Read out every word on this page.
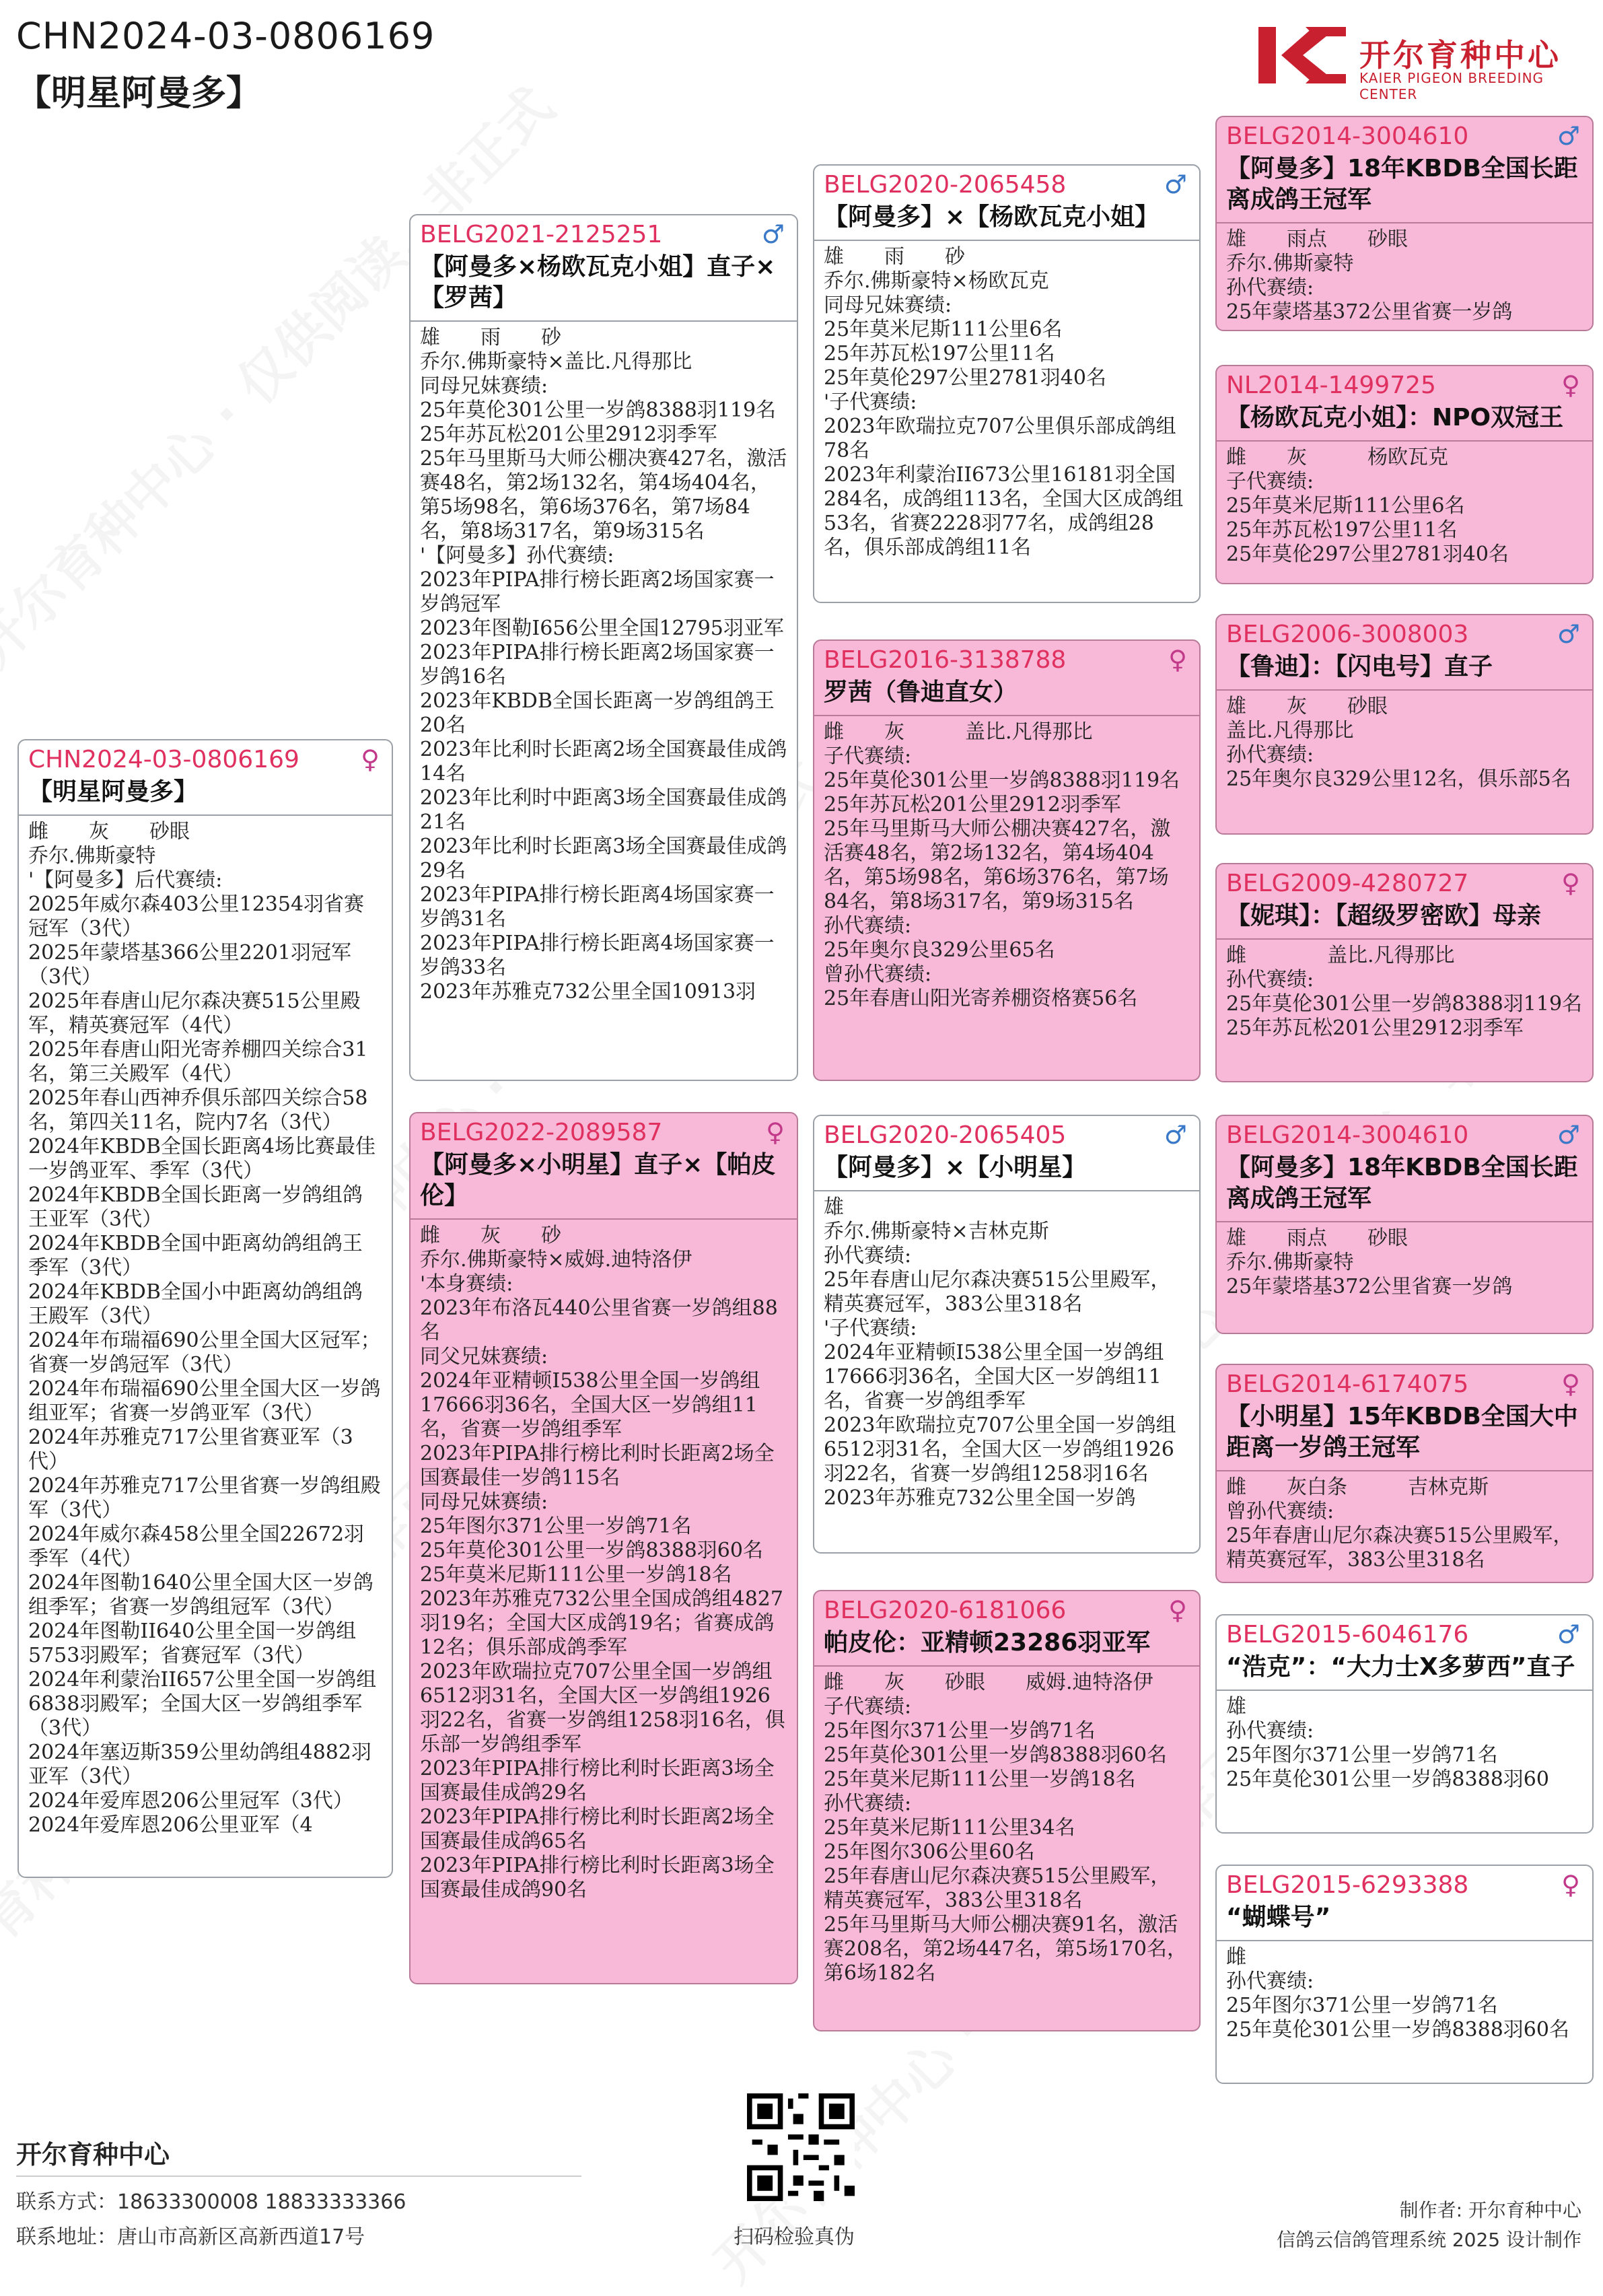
CHN2024-03-0806169
【明星阿曼多】
开尔育种中心
KAIER PIGEON BREEDING CENTER
CHN2024-03-0806169 ♀
【明星阿曼多】
雌　　灰　　砂眼
乔尔.佛斯豪特
'【阿曼多】后代赛绩:
2025年威尔森403公里12354羽省赛冠军（3代）
2025年蒙塔基366公里2201羽冠军（3代）
2025年春唐山尼尔森决赛515公里殿军，精英赛冠军（4代）
2025年春唐山阳光寄养棚四关综合31名，第三关殿军（4代）
2025年春山西神乔俱乐部四关综合58名，第四关11名，院内7名（3代）
2024年KBDB全国长距离4场比赛最佳一岁鸽亚军、季军（3代）
2024年KBDB全国长距离一岁鸽组鸽王亚军（3代）
2024年KBDB全国中距离幼鸽组鸽王季军（3代）
2024年KBDB全国小中距离幼鸽组鸽王殿军（3代）
2024年布瑞福690公里全国大区冠军；省赛一岁鸽冠军（3代）
2024年布瑞福690公里全国大区一岁鸽组亚军；省赛一岁鸽亚军（3代）
2024年苏雅克717公里省赛亚军（3代）
2024年苏雅克717公里省赛一岁鸽组殿军（3代）
2024年威尔森458公里全国22672羽季军（4代）
2024年图勒1640公里全国大区一岁鸽组季军；省赛一岁鸽组冠军（3代）
2024年图勒II640公里全国一岁鸽组5753羽殿军；省赛冠军（3代）
2024年利蒙治II657公里全国一岁鸽组6838羽殿军；全国大区一岁鸽组季军（3代）
2024年塞迈斯359公里幼鸽组4882羽亚军（3代）
2024年爱库恩206公里冠军（3代）
2024年爱库恩206公里亚军（4
BELG2021-2125251	♂
【阿曼多×杨欧瓦克小姐】直子×【罗茜】
雄　　雨　　砂
乔尔.佛斯豪特×盖比.凡得那比
同母兄妹赛绩:
25年莫伦301公里一岁鸽8388羽119名
25年苏瓦松201公里2912羽季军
25年马里斯马大师公棚决赛427名，激活赛48名，第2场132名，第4场404名，第5场98名，第6场376名，第7场84名，第8场317名，第9场315名
'【阿曼多】孙代赛绩:
2023年PIPA排行榜长距离2场国家赛一岁鸽冠军
2023年图勒I656公里全国12795羽亚军
2023年PIPA排行榜长距离2场国家赛一岁鸽16名
2023年KBDB全国长距离一岁鸽组鸽王20名
2023年比利时长距离2场全国赛最佳成鸽14名
2023年比利时中距离3场全国赛最佳成鸽21名
2023年比利时长距离3场全国赛最佳成鸽29名
2023年PIPA排行榜长距离4场国家赛一岁鸽31名
2023年PIPA排行榜长距离4场国家赛一岁鸽33名
2023年苏雅克732公里全国10913羽
BELG2022-2089587	♀
【阿曼多×小明星】直子×【帕皮伦】
雌　　灰　　砂
乔尔.佛斯豪特×威姆.迪特洛伊
'本身赛绩:
2023年布洛瓦440公里省赛一岁鸽组88名
同父兄妹赛绩:
2024年亚精顿I538公里全国一岁鸽组17666羽36名，全国大区一岁鸽组11名，省赛一岁鸽组季军
2023年PIPA排行榜比利时长距离2场全国赛最佳一岁鸽115名
同母兄妹赛绩:
25年图尔371公里一岁鸽71名
25年莫伦301公里一岁鸽8388羽60名
25年莫米尼斯111公里一岁鸽18名
2023年苏雅克732公里全国成鸽组4827羽19名；全国大区成鸽19名；省赛成鸽12名；俱乐部成鸽季军
2023年欧瑞拉克707公里全国一岁鸽组6512羽31名，全国大区一岁鸽组1926羽22名，省赛一岁鸽组1258羽16名，俱乐部一岁鸽组季军
2023年PIPA排行榜比利时长距离3场全国赛最佳成鸽29名
2023年PIPA排行榜比利时长距离2场全国赛最佳成鸽65名
2023年PIPA排行榜比利时长距离3场全国赛最佳成鸽90名
BELG2020-2065458	♂
【阿曼多】×【杨欧瓦克小姐】
雄　　雨　　砂
乔尔.佛斯豪特×杨欧瓦克
同母兄妹赛绩:
25年莫米尼斯111公里6名
25年苏瓦松197公里11名
25年莫伦297公里2781羽40名
'子代赛绩:
2023年欧瑞拉克707公里俱乐部成鸽组78名
2023年利蒙治II673公里16181羽全国284名，成鸽组113名，全国大区成鸽组53名，省赛2228羽77名，成鸽组28名，俱乐部成鸽组11名
BELG2016-3138788	♀
罗茜（鲁迪直女）
雌　　灰　　　盖比.凡得那比
子代赛绩:
25年莫伦301公里一岁鸽8388羽119名
25年苏瓦松201公里2912羽季军
25年马里斯马大师公棚决赛427名，激活赛48名，第2场132名，第4场404名，第5场98名，第6场376名，第7场84名，第8场317名，第9场315名
孙代赛绩:
25年奥尔良329公里65名
曾孙代赛绩:
25年春唐山阳光寄养棚资格赛56名
BELG2020-2065405	♂
【阿曼多】×【小明星】
雄
乔尔.佛斯豪特×吉林克斯
孙代赛绩:
25年春唐山尼尔森决赛515公里殿军，精英赛冠军，383公里318名
'子代赛绩:
2024年亚精顿I538公里全国一岁鸽组17666羽36名，全国大区一岁鸽组11名，省赛一岁鸽组季军
2023年欧瑞拉克707公里全国一岁鸽组6512羽31名，全国大区一岁鸽组1926羽22名，省赛一岁鸽组1258羽16名
2023年苏雅克732公里全国一岁鸽
BELG2020-6181066	♀
帕皮伦：亚精顿23286羽亚军
雌　　灰　　砂眼　　威姆.迪特洛伊
子代赛绩:
25年图尔371公里一岁鸽71名
25年莫伦301公里一岁鸽8388羽60名
25年莫米尼斯111公里一岁鸽18名
孙代赛绩:
25年莫米尼斯111公里34名
25年图尔306公里60名
25年春唐山尼尔森决赛515公里殿军，精英赛冠军，383公里318名
25年马里斯马大师公棚决赛91名，激活赛208名，第2场447名，第5场170名，第6场182名
BELG2014-3004610	♂
【阿曼多】18年KBDB全国长距离成鸽王冠军
雄　　雨点　　砂眼
乔尔.佛斯豪特
孙代赛绩:
25年蒙塔基372公里省赛一岁鸽
NL2014-1499725	♀
【杨欧瓦克小姐】：NPO双冠王
雌　　灰　　　杨欧瓦克
子代赛绩:
25年莫米尼斯111公里6名
25年苏瓦松197公里11名
25年莫伦297公里2781羽40名
BELG2006-3008003	♂
【鲁迪】：【闪电号】直子
雄　　灰　　砂眼
盖比.凡得那比
孙代赛绩:
25年奥尔良329公里12名，俱乐部5名
BELG2009-4280727	♀
【妮琪】：【超级罗密欧】母亲
雌　　　　盖比.凡得那比
孙代赛绩:
25年莫伦301公里一岁鸽8388羽119名
25年苏瓦松201公里2912羽季军
BELG2014-3004610	♂
【阿曼多】18年KBDB全国长距离成鸽王冠军
雄　　雨点　　砂眼
乔尔.佛斯豪特
25年蒙塔基372公里省赛一岁鸽
BELG2014-6174075	♀
【小明星】15年KBDB全国大中距离一岁鸽王冠军
雌　　灰白条　　　吉林克斯
曾孙代赛绩:
25年春唐山尼尔森决赛515公里殿军，精英赛冠军，383公里318名
BELG2015-6046176	♂
“浩克”：“大力士X多萝西”直子
雄
孙代赛绩:
25年图尔371公里一岁鸽71名
25年莫伦301公里一岁鸽8388羽60
BELG2015-6293388	♀
“蝴蝶号”
雌
孙代赛绩:
25年图尔371公里一岁鸽71名
25年莫伦301公里一岁鸽8388羽60名
开尔育种中心
联系方式：18633300008 18833333366
联系地址：唐山市高新区高新西道17号	扫码检验真伪
制作者: 开尔育种中心
信鸽云信鸽管理系统 2025 设计制作
